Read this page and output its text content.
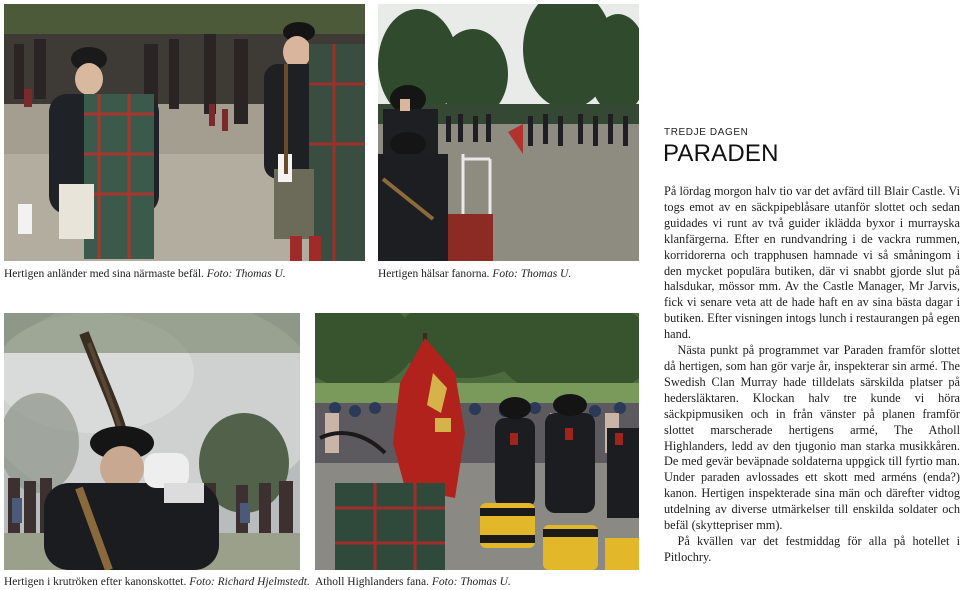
Hertigen anländer med sina närmaste befäl. Foto: Thomas U.	Hertigen hälsar fanorna. Foto: Thomas U.
Hertigen i krutröken efter kanonskottet. Foto: Richard Hjelmstedt. Atholl Highlanders fana. Foto: Thomas U.
TREDJE DAGEN
PARADEN

På lördag morgon halv tio var det avfärd till Blair Castle. Vi togs emot av en säckpipeblåsare utanför slottet och sedan guidades vi runt av två guider iklädda byxor i murrayska klanfärgerna. Efter en rundvandring i de vackra rummen, korridorerna och trapphusen hamnade vi så småningom i den mycket populära butiken, där vi snabbt gjorde slut på halsdukar, mössor mm. Av the Castle Manager, Mr Jarvis, fick vi senare veta att de hade haft en av sina bästa dagar i butiken. Efter visningen intogs lunch i restaurangen på egen hand.

Nästa punkt på programmet var Paraden framför slottet då hertigen, som han gör varje år, inspekterar sin armé. The Swedish Clan Murray hade tilldelats särskilda platser på hedersläktaren. Klockan halv tre kunde vi höra säckpipmusiken och in från vänster på planen framför slottet marscherade hertigens armé, The Atholl Highlanders, ledd av den tjugonio man starka musikkåren. De med gevär beväpnade soldaterna uppgick till fyrtio man. Under paraden avlossades ett skott med arméns (enda?) kanon. Hertigen inspekterade sina män och därefter vidtog utdelning av diverse utmärkelser till enskilda soldater och befäl (skyttepriser mm).

På kvällen var det festmiddag för alla på hotellet i Pitlochry.
